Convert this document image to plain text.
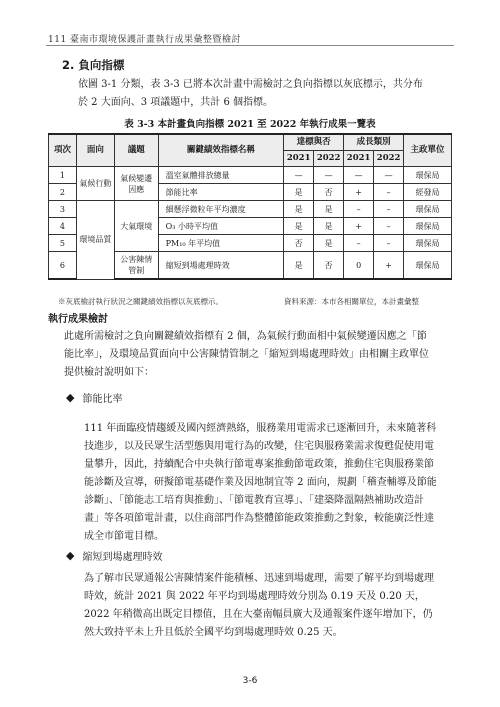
111 臺南市環境保護計畫執行成果彙整暨檢討
2. 負向指標
依圖 3-1 分類，表 3-3 已將本次計畫中需檢討之負向指標以灰底標示，共分布於 2 大面向、3 項議題中，共計 6 個指標。
表 3-3 本計畫負向指標 2021 至 2022 年執行成果一覽表
項次	面向	議題	關鍵績效指標名稱	達標與否		成長類別		主政單位
				2021	2022	2021	2022	
1	氣候行動	氣候變遷因應	溫室氣體排放總量	—	—	—	—	環保局
2			節能比率	是	否	+	–	經發局
3	環境品質	大氣環境	細懸浮微粒年平均濃度	是	是	–	–	環保局
4			O₃ 小時平均值	是	是	+	–	環保局
5			PM₁₀ 年平均值	否	是	–	–	環保局
6		公害陳情管制	縮短到場處理時效	是	否	0	+	環保局
※灰底檢討執行狀況之關鍵績效指標以灰底標示。	資料來源：本市各相關單位，本計畫彙整
執行成果檢討
此處所需檢討之負向關鍵績效指標有 2 個，為氣候行動面相中氣候變遷因應之「節能比率」，及環境品質面向中公害陳情管制之「縮短到場處理時效」由相關主政單位提供檢討說明如下：
◆ 節能比率
111 年面臨疫情趨緩及國內經濟熱絡，服務業用電需求已逐漸回升，未來隨著科技進步，以及民眾生活型態與用電行為的改變，住宅與服務業需求復甦促使用電量攀升，因此，持續配合中央執行節電專案推動節電政策，推動住宅與服務業節能診斷及宣導，研擬節電基礎作業及因地制宜等 2 面向，規劃「稽查輔導及節能診斷」、「節能志工培育與推動」、「節電教育宣導」、「建築降溫隔熱補助改造計畫」等各項節電計畫，以住商部門作為整體節能政策推動之對象，較能廣泛性達成全市節電目標。
◆ 縮短到場處理時效
為了解市民眾通報公害陳情案件能積極、迅速到場處理，需要了解平均到場處理時效，統計 2021 與 2022 年平均到場處理時效分別為 0.19 天及 0.20 天，2022 年稍微高出既定目標值，且在大臺南幅員廣大及通報案件逐年增加下，仍然大致持平未上升且低於全國平均到場處理時效 0.25 天。
3-6
